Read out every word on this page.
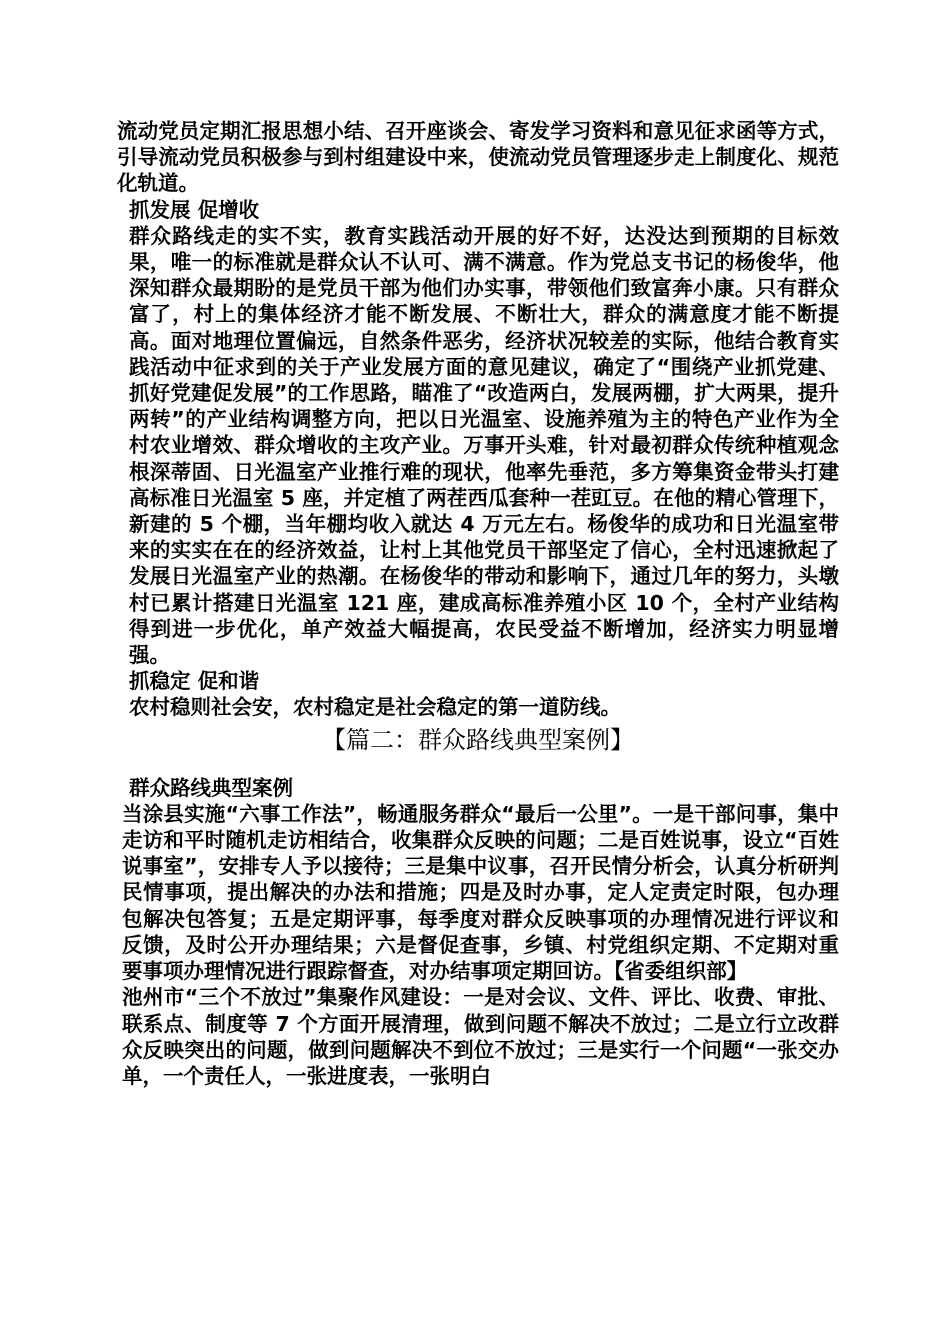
流动党员定期汇报思想小结、召开座谈会、寄发学习资料和意见征求函等方式，引导流动党员积极参与到村组建设中来，使流动党员管理逐步走上制度化、规范化轨道。

抓发展 促增收

群众路线走的实不实，教育实践活动开展的好不好，达没达到预期的目标效果，唯一的标准就是群众认不认可、满不满意。作为党总支书记的杨俊华，他深知群众最期盼的是党员干部为他们办实事，带领他们致富奔小康。只有群众富了，村上的集体经济才能不断发展、不断壮大，群众的满意度才能不断提高。面对地理位置偏远，自然条件恶劣，经济状况较差的实际，他结合教育实践活动中征求到的关于产业发展方面的意见建议，确定了“围绕产业抓党建、抓好党建促发展”的工作思路，瞄准了“改造两白，发展两棚，扩大两果，提升两转”的产业结构调整方向，把以日光温室、设施养殖为主的特色产业作为全村农业增效、群众增收的主攻产业。万事开头难，针对最初群众传统种植观念根深蒂固、日光温室产业推行难的现状，他率先垂范，多方筹集资金带头打建高标准日光温室 5 座，并定植了两茬西瓜套种一茬豇豆。在他的精心管理下，新建的 5 个棚，当年棚均收入就达 4 万元左右。杨俊华的成功和日光温室带来的实实在在的经济效益，让村上其他党员干部坚定了信心，全村迅速掀起了发展日光温室产业的热潮。在杨俊华的带动和影响下，通过几年的努力，头墩村已累计搭建日光温室 121 座，建成高标准养殖小区 10 个，全村产业结构得到进一步优化，单产效益大幅提高，农民受益不断增加，经济实力明显增强。

抓稳定 促和谐

农村稳则社会安，农村稳定是社会稳定的第一道防线。

【篇二：群众路线典型案例】

群众路线典型案例

当涂县实施“六事工作法”，畅通服务群众“最后一公里”。一是干部问事，集中走访和平时随机走访相结合，收集群众反映的问题；二是百姓说事，设立“百姓说事室”，安排专人予以接待；三是集中议事，召开民情分析会，认真分析研判民情事项，提出解决的办法和措施；四是及时办事，定人定责定时限，包办理包解决包答复；五是定期评事，每季度对群众反映事项的办理情况进行评议和反馈，及时公开办理结果；六是督促查事，乡镇、村党组织定期、不定期对重要事项办理情况进行跟踪督查，对办结事项定期回访。【省委组织部】

池州市“三个不放过”集聚作风建设：一是对会议、文件、评比、收费、审批、联系点、制度等 7 个方面开展清理，做到问题不解决不放过；二是立行立改群众反映突出的问题，做到问题解决不到位不放过；三是实行一个问题“一张交办单，一个责任人，一张进度表，一张明白
